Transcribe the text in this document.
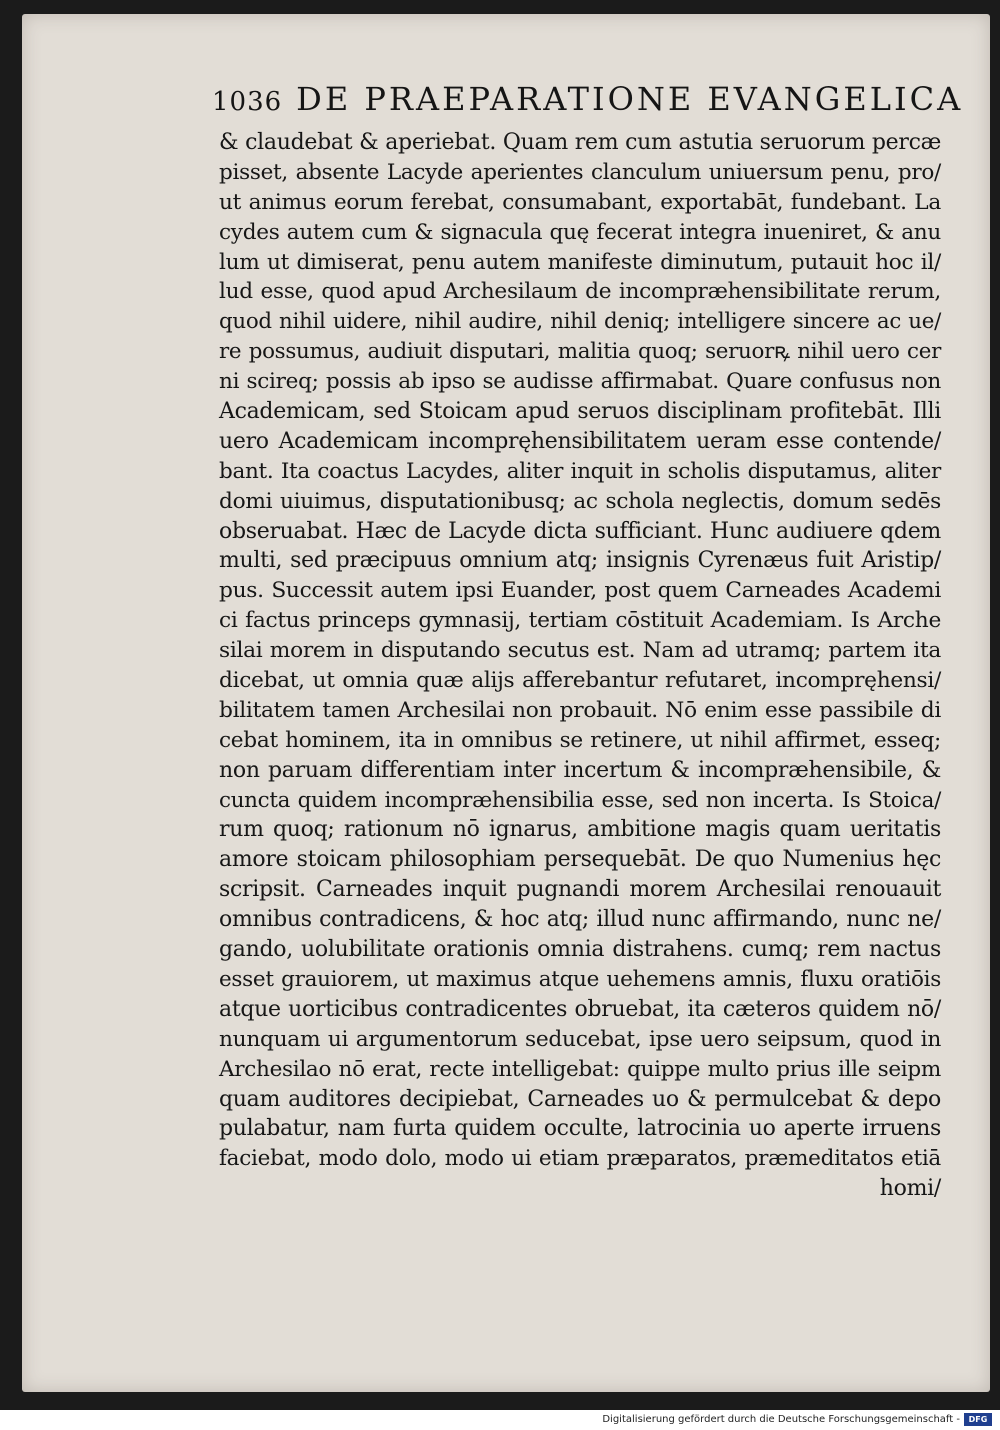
1036 DE PRAEPARATIONE EVANGELICA
& claudebat & aperiebat. Quam rem cum astutia seruorum percæ
pisset, absente Lacyde aperientes clanculum uniuersum penu, pro/
ut animus eorum ferebat, consumabant, exportabāt, fundebant. La
cydes autem cum & signacula quę fecerat integra inueniret, & anu
lum ut dimiserat, penu autem manifeste diminutum, putauit hoc il/
lud esse, quod apud Archesilaum de incompræhensibilitate rerum,
quod nihil uidere, nihil audire, nihil deniq; intelligere sincere ac ue/
re possumus, audiuit disputari, malitia quoq; seruorꝶ nihil uero cer
ni scireq; possis ab ipso se audisse affirmabat. Quare confusus non
Academicam, sed Stoicam apud seruos disciplinam profitebāt. Illi
uero Academicam incompręhensibilitatem ueram esse contende/
bant. Ita coactus Lacydes, aliter inquit in scholis disputamus, aliter
domi uiuimus, disputationibusq; ac schola neglectis, domum sedēs
obseruabat. Hæc de Lacyde dicta sufficiant. Hunc audiuere qdem
multi, sed præcipuus omnium atq; insignis Cyrenæus fuit Aristip/
pus. Successit autem ipsi Euander, post quem Carneades Academi
ci factus princeps gymnasij, tertiam cōstituit Academiam. Is Arche
silai morem in disputando secutus est. Nam ad utramq; partem ita
dicebat, ut omnia quæ alijs afferebantur refutaret, incompręhensi/
bilitatem tamen Archesilai non probauit. Nō enim esse passibile di
cebat hominem, ita in omnibus se retinere, ut nihil affirmet, esseq;
non paruam differentiam inter incertum & incompræhensibile, &
cuncta quidem incompræhensibilia esse, sed non incerta. Is Stoica/
rum quoq; rationum nō ignarus, ambitione magis quam ueritatis
amore stoicam philosophiam persequebāt. De quo Numenius hęc
scripsit. Carneades inquit pugnandi morem Archesilai renouauit
omnibus contradicens, & hoc atq; illud nunc affirmando, nunc ne/
gando, uolubilitate orationis omnia distrahens. cumq; rem nactus
esset grauiorem, ut maximus atque uehemens amnis, fluxu oratiōis
atque uorticibus contradicentes obruebat, ita cæteros quidem nō/
nunquam ui argumentorum seducebat, ipse uero seipsum, quod in
Archesilao nō erat, recte intelligebat: quippe multo prius ille seipm
quam auditores decipiebat, Carneades uo & permulcebat & depo
pulabatur, nam furta quidem occulte, latrocinia uo aperte irruens
faciebat, modo dolo, modo ui etiam præparatos, præmeditatos etiā
homi/
Digitalisierung gefördert durch die Deutsche Forschungsgemeinschaft -	DFG
